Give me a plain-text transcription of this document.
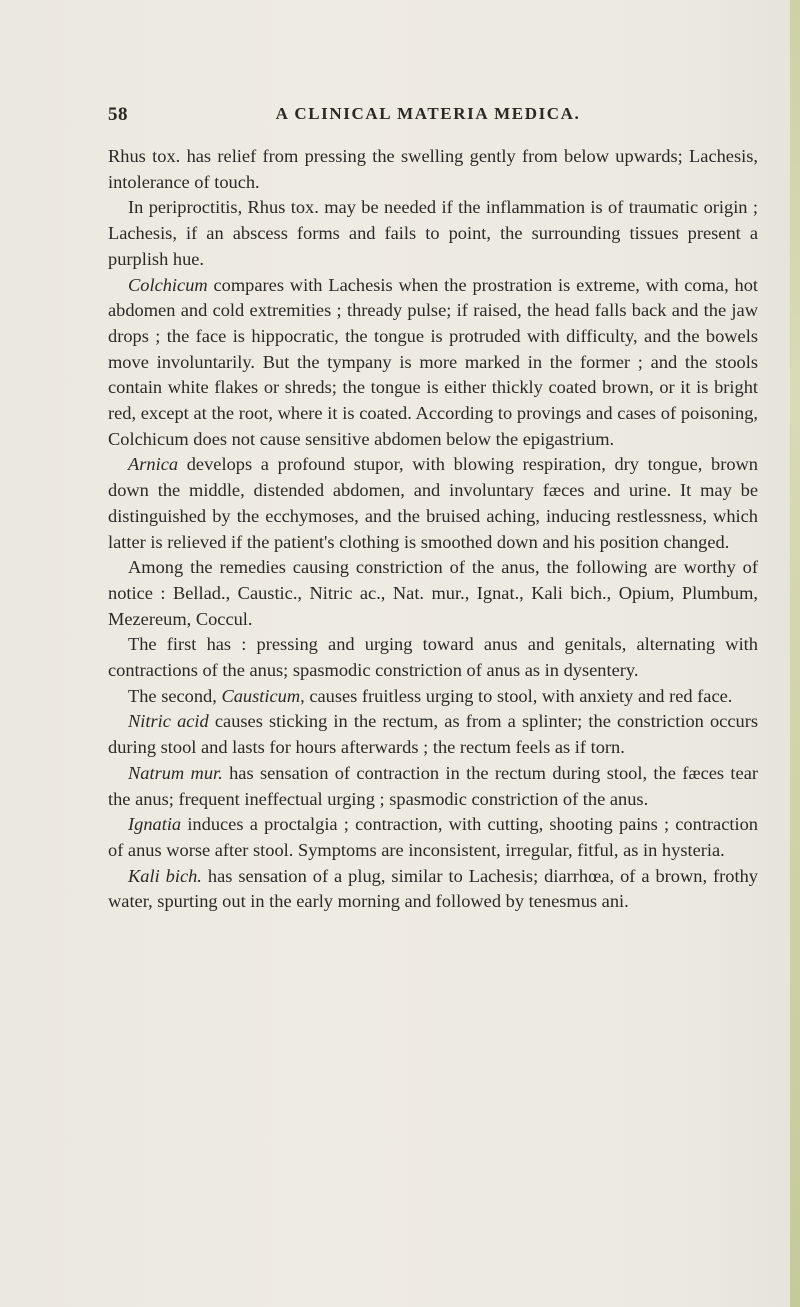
58	A CLINICAL MATERIA MEDICA.

Rhus tox. has relief from pressing the swelling gently from below upwards; Lachesis, intolerance of touch.

In periproctitis, Rhus tox. may be needed if the inflammation is of traumatic origin ; Lachesis, if an abscess forms and fails to point, the surrounding tissues present a purplish hue.

Colchicum compares with Lachesis when the prostration is extreme, with coma, hot abdomen and cold extremities ; thready pulse; if raised, the head falls back and the jaw drops ; the face is hippocratic, the tongue is protruded with difficulty, and the bowels move involuntarily. But the tympany is more marked in the former ; and the stools contain white flakes or shreds; the tongue is either thickly coated brown, or it is bright red, except at the root, where it is coated. According to provings and cases of poisoning, Colchicum does not cause sensitive abdomen below the epigastrium.

Arnica develops a profound stupor, with blowing respiration, dry tongue, brown down the middle, distended abdomen, and involuntary fæces and urine. It may be distinguished by the ecchymoses, and the bruised aching, inducing restlessness, which latter is relieved if the patient's clothing is smoothed down and his position changed.

Among the remedies causing constriction of the anus, the following are worthy of notice : Bellad., Caustic., Nitric ac., Nat. mur., Ignat., Kali bich., Opium, Plumbum, Mezereum, Coccul.

The first has : pressing and urging toward anus and genitals, alternating with contractions of the anus; spasmodic constriction of anus as in dysentery.

The second, Causticum, causes fruitless urging to stool, with anxiety and red face.

Nitric acid causes sticking in the rectum, as from a splinter; the constriction occurs during stool and lasts for hours afterwards ; the rectum feels as if torn.

Natrum mur. has sensation of contraction in the rectum during stool, the fæces tear the anus; frequent ineffectual urging ; spasmodic constriction of the anus.

Ignatia induces a proctalgia ; contraction, with cutting, shooting pains ; contraction of anus worse after stool. Symptoms are inconsistent, irregular, fitful, as in hysteria.

Kali bich. has sensation of a plug, similar to Lachesis; diarrhœa, of a brown, frothy water, spurting out in the early morning and followed by tenesmus ani.
